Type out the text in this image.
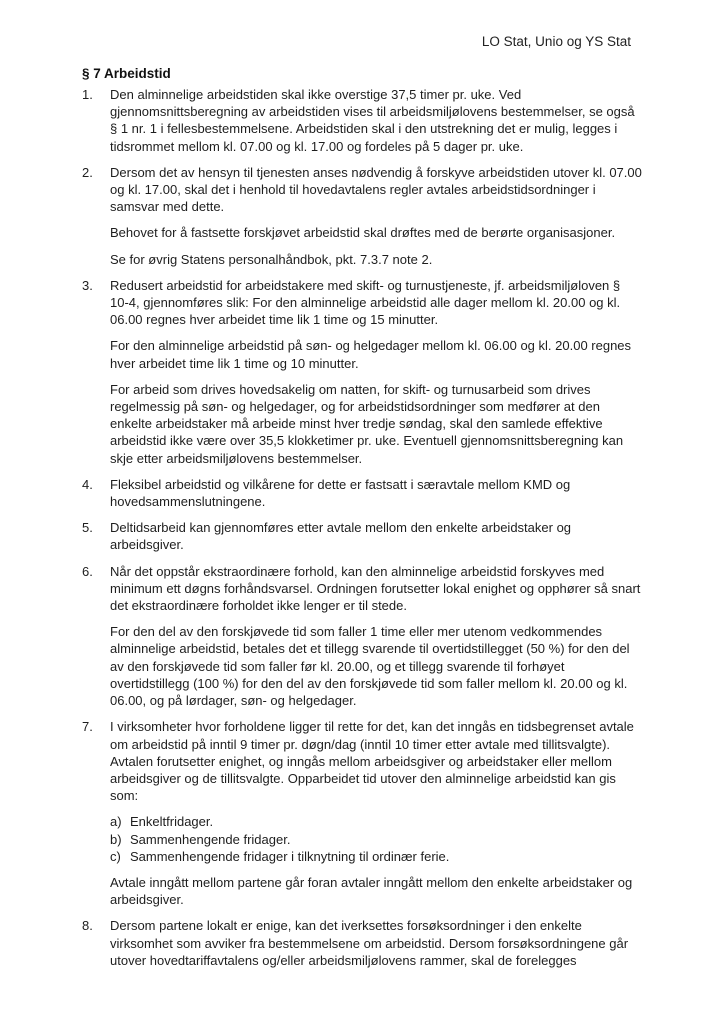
LO Stat, Unio og YS Stat
§ 7 Arbeidstid
1. Den alminnelige arbeidstiden skal ikke overstige 37,5 timer pr. uke. Ved gjennomsnittsberegning av arbeidstiden vises til arbeidsmiljølovens bestemmelser, se også § 1 nr. 1 i fellesbestemmelsene. Arbeidstiden skal i den utstrekning det er mulig, legges i tidsrommet mellom kl. 07.00 og kl. 17.00 og fordeles på 5 dager pr. uke.

2. Dersom det av hensyn til tjenesten anses nødvendig å forskyve arbeidstiden utover kl. 07.00 og kl. 17.00, skal det i henhold til hovedavtalens regler avtales arbeidstidsordninger i samsvar med dette.

Behovet for å fastsette forskjøvet arbeidstid skal drøftes med de berørte organisasjoner.

Se for øvrig Statens personalhåndbok, pkt. 7.3.7 note 2.

3. Redusert arbeidstid for arbeidstakere med skift- og turnustjeneste, jf. arbeidsmiljøloven § 10-4, gjennomføres slik: For den alminnelige arbeidstid alle dager mellom kl. 20.00 og kl. 06.00 regnes hver arbeidet time lik 1 time og 15 minutter.

For den alminnelige arbeidstid på søn- og helgedager mellom kl. 06.00 og kl. 20.00 regnes hver arbeidet time lik 1 time og 10 minutter.

For arbeid som drives hovedsakelig om natten, for skift- og turnusarbeid som drives regelmessig på søn- og helgedager, og for arbeidstidsordninger som medfører at den enkelte arbeidstaker må arbeide minst hver tredje søndag, skal den samlede effektive arbeidstid ikke være over 35,5 klokketimer pr. uke. Eventuell gjennomsnittsberegning kan skje etter arbeidsmiljølovens bestemmelser.

4. Fleksibel arbeidstid og vilkårene for dette er fastsatt i særavtale mellom KMD og hovedsammenslutningene.

5. Deltidsarbeid kan gjennomføres etter avtale mellom den enkelte arbeidstaker og arbeidsgiver.

6. Når det oppstår ekstraordinære forhold, kan den alminnelige arbeidstid forskyves med minimum ett døgns forhåndsvarsel. Ordningen forutsetter lokal enighet og opphører så snart det ekstraordinære forholdet ikke lenger er til stede.

For den del av den forskjøvede tid som faller 1 time eller mer utenom vedkommendes alminnelige arbeidstid, betales det et tillegg svarende til overtidstillegget (50 %) for den del av den forskjøvede tid som faller før kl. 20.00, og et tillegg svarende til forhøyet overtidstillegg (100 %) for den del av den forskjøvede tid som faller mellom kl. 20.00 og kl. 06.00, og på lørdager, søn- og helgedager.

7. I virksomheter hvor forholdene ligger til rette for det, kan det inngås en tidsbegrenset avtale om arbeidstid på inntil 9 timer pr. døgn/dag (inntil 10 timer etter avtale med tillitsvalgte). Avtalen forutsetter enighet, og inngås mellom arbeidsgiver og arbeidstaker eller mellom arbeidsgiver og de tillitsvalgte. Opparbeidet tid utover den alminnelige arbeidstid kan gis som:

a) Enkeltfridager.
b) Sammenhengende fridager.
c) Sammenhengende fridager i tilknytning til ordinær ferie.

Avtale inngått mellom partene går foran avtaler inngått mellom den enkelte arbeidstaker og arbeidsgiver.

8. Dersom partene lokalt er enige, kan det iverksettes forsøksordninger i den enkelte virksomhet som avviker fra bestemmelsene om arbeidstid. Dersom forsøksordningene går utover hovedtariffavtalens og/eller arbeidsmiljølovens rammer, skal de forelegges
